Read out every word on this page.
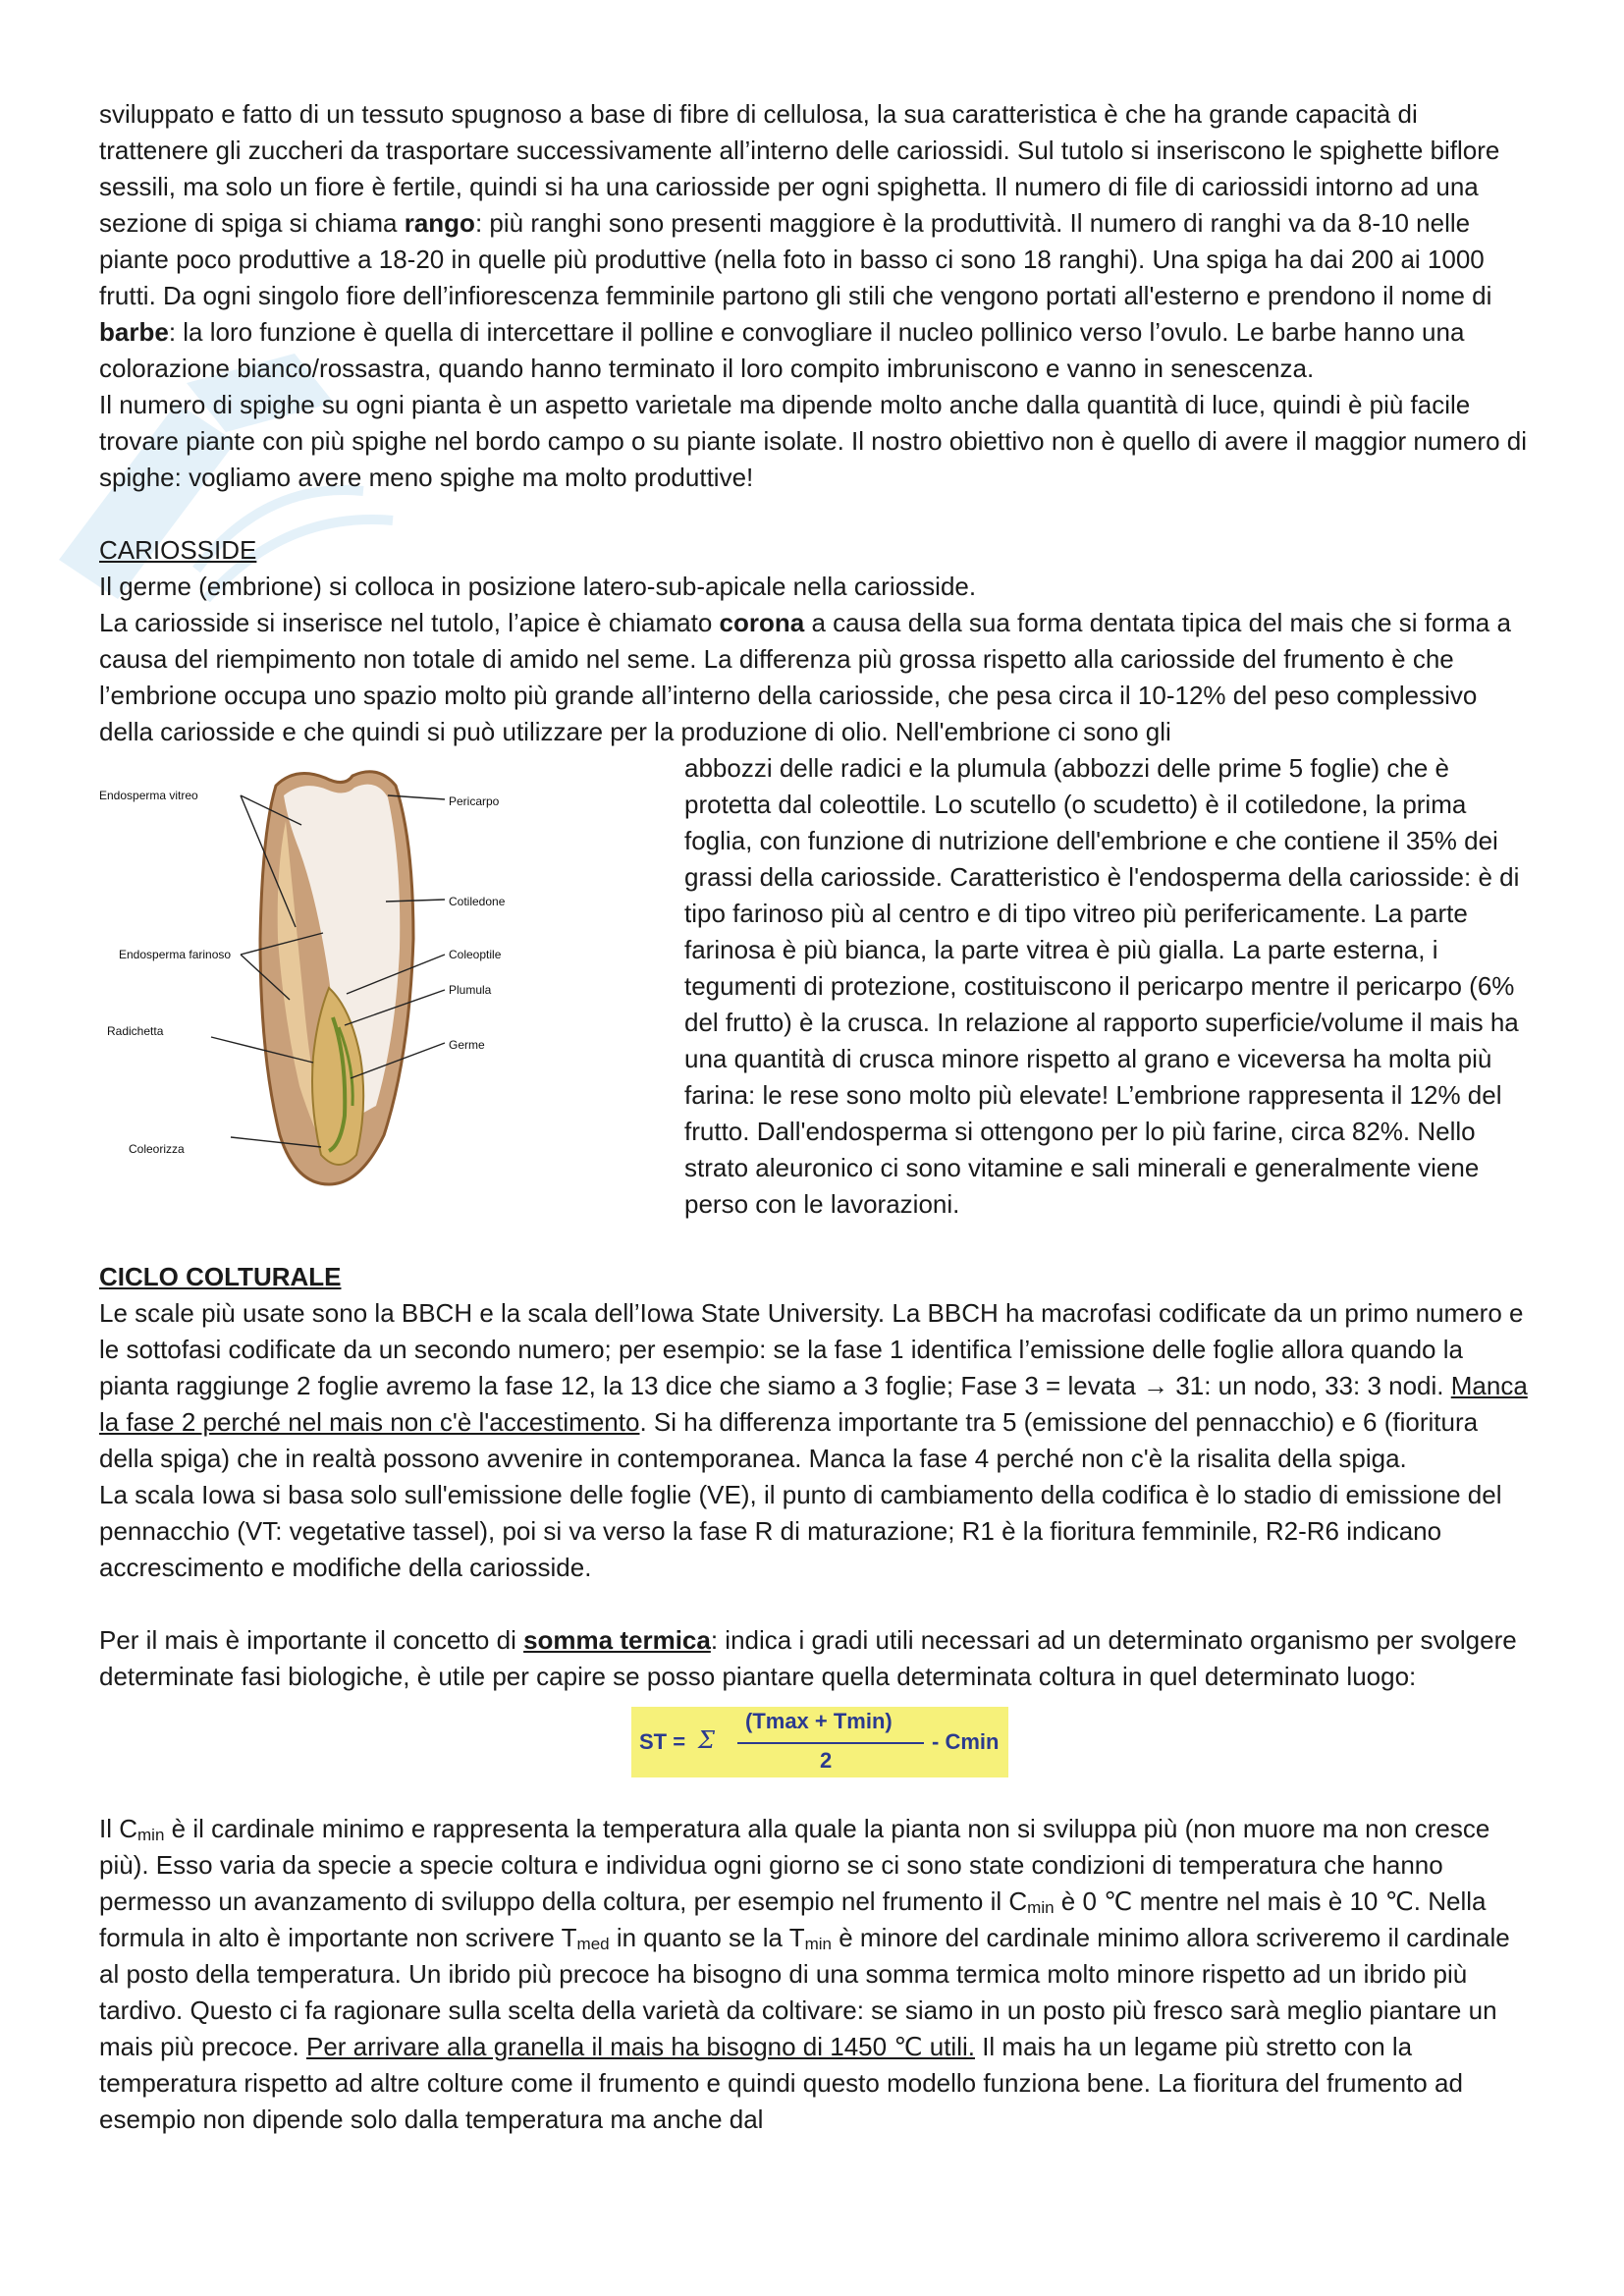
sviluppato e fatto di un tessuto spugnoso a base di fibre di cellulosa, la sua caratteristica è che ha grande capacità di trattenere gli zuccheri da trasportare successivamente all’interno delle cariossidi. Sul tutolo si inseriscono le spighette biflore sessili, ma solo un fiore è fertile, quindi si ha una cariosside per ogni spighetta. Il numero di file di cariossidi intorno ad una sezione di spiga si chiama rango: più ranghi sono presenti maggiore è la produttività. Il numero di ranghi va da 8-10 nelle piante poco produttive a 18-20 in quelle più produttive (nella foto in basso ci sono 18 ranghi). Una spiga ha dai 200 ai 1000 frutti. Da ogni singolo fiore dell’infiorescenza femminile partono gli stili che vengono portati all'esterno e prendono il nome di barbe: la loro funzione è quella di intercettare il polline e convogliare il nucleo pollinico verso l’ovulo. Le barbe hanno una colorazione bianco/rossastra, quando hanno terminato il loro compito imbruniscono e vanno in senescenza.

Il numero di spighe su ogni pianta è un aspetto varietale ma dipende molto anche dalla quantità di luce, quindi è più facile trovare piante con più spighe nel bordo campo o su piante isolate. Il nostro obiettivo non è quello di avere il maggior numero di spighe: vogliamo avere meno spighe ma molto produttive!

CARIOSSIDE

Il germe (embrione) si colloca in posizione latero-sub-apicale nella cariosside.

La cariosside si inserisce nel tutolo, l’apice è chiamato corona a causa della sua forma dentata tipica del mais che si forma a causa del riempimento non totale di amido nel seme. La differenza più grossa rispetto alla cariosside del frumento è che l’embrione occupa uno spazio molto più grande all’interno della cariosside, che pesa circa il 10-12% del peso complessivo della cariosside e che quindi si può utilizzare per la produzione di olio. Nell'embrione ci sono gli

Endosperma vitreo	Pericarpo
Cotiledone
Endosperma farinoso	Coleoptile
Plumula
Radichetta
Germe
Coleorizza

abbozzi delle radici e la plumula (abbozzi delle prime 5 foglie) che è protetta dal coleottile. Lo scutello (o scudetto) è il cotiledone, la prima foglia, con funzione di nutrizione dell'embrione e che contiene il 35% dei grassi della cariosside. Caratteristico è l'endosperma della cariosside: è di tipo farinoso più al centro e di tipo vitreo più perifericamente. La parte farinosa è più bianca, la parte vitrea è più gialla. La parte esterna, i tegumenti di protezione, costituiscono il pericarpo mentre il pericarpo (6% del frutto) è la crusca. In relazione al rapporto superficie/volume il mais ha una quantità di crusca minore rispetto al grano e viceversa ha molta più farina: le rese sono molto più elevate! L’embrione rappresenta il 12% del frutto. Dall'endosperma si ottengono per lo più farine, circa 82%. Nello strato aleuronico ci sono vitamine e sali minerali e generalmente viene perso con le lavorazioni.

CICLO COLTURALE

Le scale più usate sono la BBCH e la scala dell’Iowa State University. La BBCH ha macrofasi codificate da un primo numero e le sottofasi codificate da un secondo numero; per esempio: se la fase 1 identifica l’emissione delle foglie allora quando la pianta raggiunge 2 foglie avremo la fase 12, la 13 dice che siamo a 3 foglie; Fase 3 = levata → 31: un nodo, 33: 3 nodi. Manca la fase 2 perché nel mais non c'è l'accestimento. Si ha differenza importante tra 5 (emissione del pennacchio) e 6 (fioritura della spiga) che in realtà possono avvenire in contemporanea. Manca la fase 4 perché non c'è la risalita della spiga.

La scala Iowa si basa solo sull'emissione delle foglie (VE), il punto di cambiamento della codifica è lo stadio di emissione del pennacchio (VT: vegetative tassel), poi si va verso la fase R di maturazione; R1 è la fioritura femminile, R2-R6 indicano accrescimento e modifiche della cariosside.

Per il mais è importante il concetto di somma termica: indica i gradi utili necessari ad un determinato organismo per svolgere determinate fasi biologiche, è utile per capire se posso piantare quella determinata coltura in quel determinato luogo:

ST = Σ
(Tmax + Tmin)
2
- Cmin

Il $C_{min}$ è il cardinale minimo e rappresenta la temperatura alla quale la pianta non si sviluppa più (non muore ma non cresce più). Esso varia da specie a specie coltura e individua ogni giorno se ci sono state condizioni di temperatura che hanno permesso un avanzamento di sviluppo della coltura, per esempio nel frumento il $C_{min}$ è 0 ℃ mentre nel mais è 10 ℃. Nella formula in alto è importante non scrivere $T_{med}$ in quanto se la $T_{min}$ è minore del cardinale minimo allora scriveremo il cardinale al posto della temperatura. Un ibrido più precoce ha bisogno di una somma termica molto minore rispetto ad un ibrido più tardivo. Questo ci fa ragionare sulla scelta della varietà da coltivare: se siamo in un posto più fresco sarà meglio piantare un mais più precoce. Per arrivare alla granella il mais ha bisogno di 1450 ℃ utili. Il mais ha un legame più stretto con la temperatura rispetto ad altre colture come il frumento e quindi questo modello funziona bene. La fioritura del frumento ad esempio non dipende solo dalla temperatura ma anche dal
